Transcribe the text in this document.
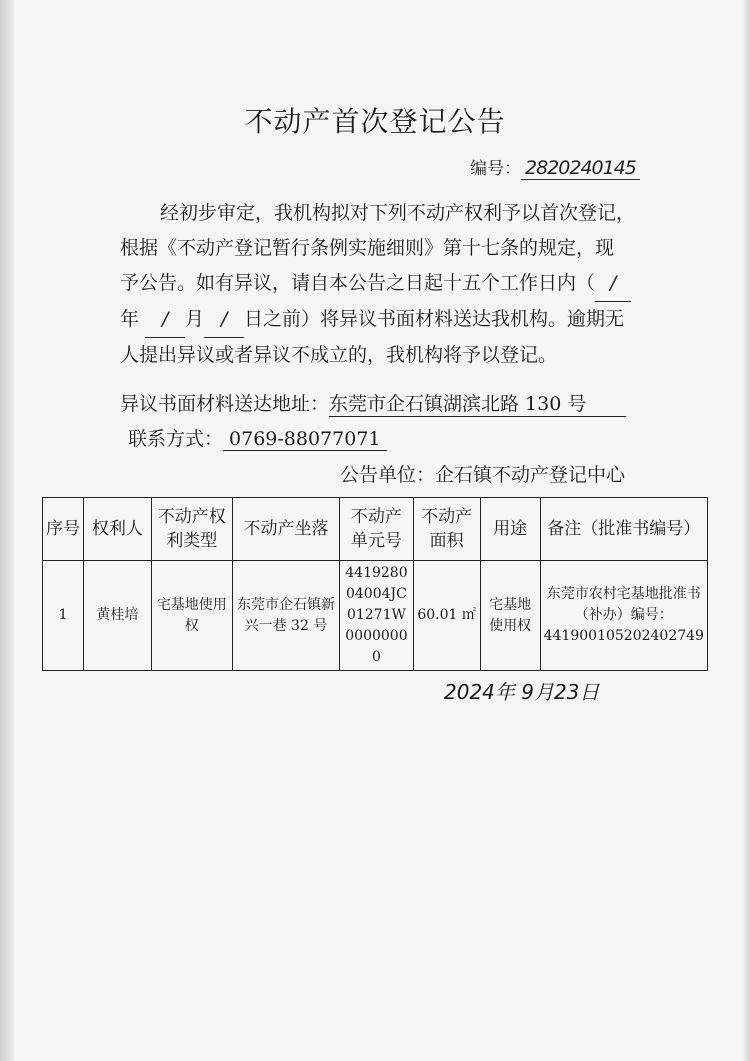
不动产首次登记公告
编号： 2820240145
经初步审定，我机构拟对下列不动产权利予以首次登记，
根据《不动产登记暂行条例实施细则》第十七条的规定，现
予公告。如有异议，请自本公告之日起十五个工作日内（ /
年 / 月 / 日之前）将异议书面材料送达我机构。逾期无
人提出异议或者异议不成立的，我机构将予以登记。
异议书面材料送达地址：东莞市企石镇湖滨北路 130 号
联系方式： 0769-88077071
公告单位：企石镇不动产登记中心
序号	权利人	不动产权利类型	不动产坐落	不动产单元号	不动产面积	用途	备注（批准书编号）
1	黄桂培	宅基地使用权	东莞市企石镇新兴一巷 32 号	441928004004JC01271W00000000	60.01 ㎡	宅基地使用权	东莞市农村宅基地批准书（补办）编号：441900105202402749
2024年 9月23日
